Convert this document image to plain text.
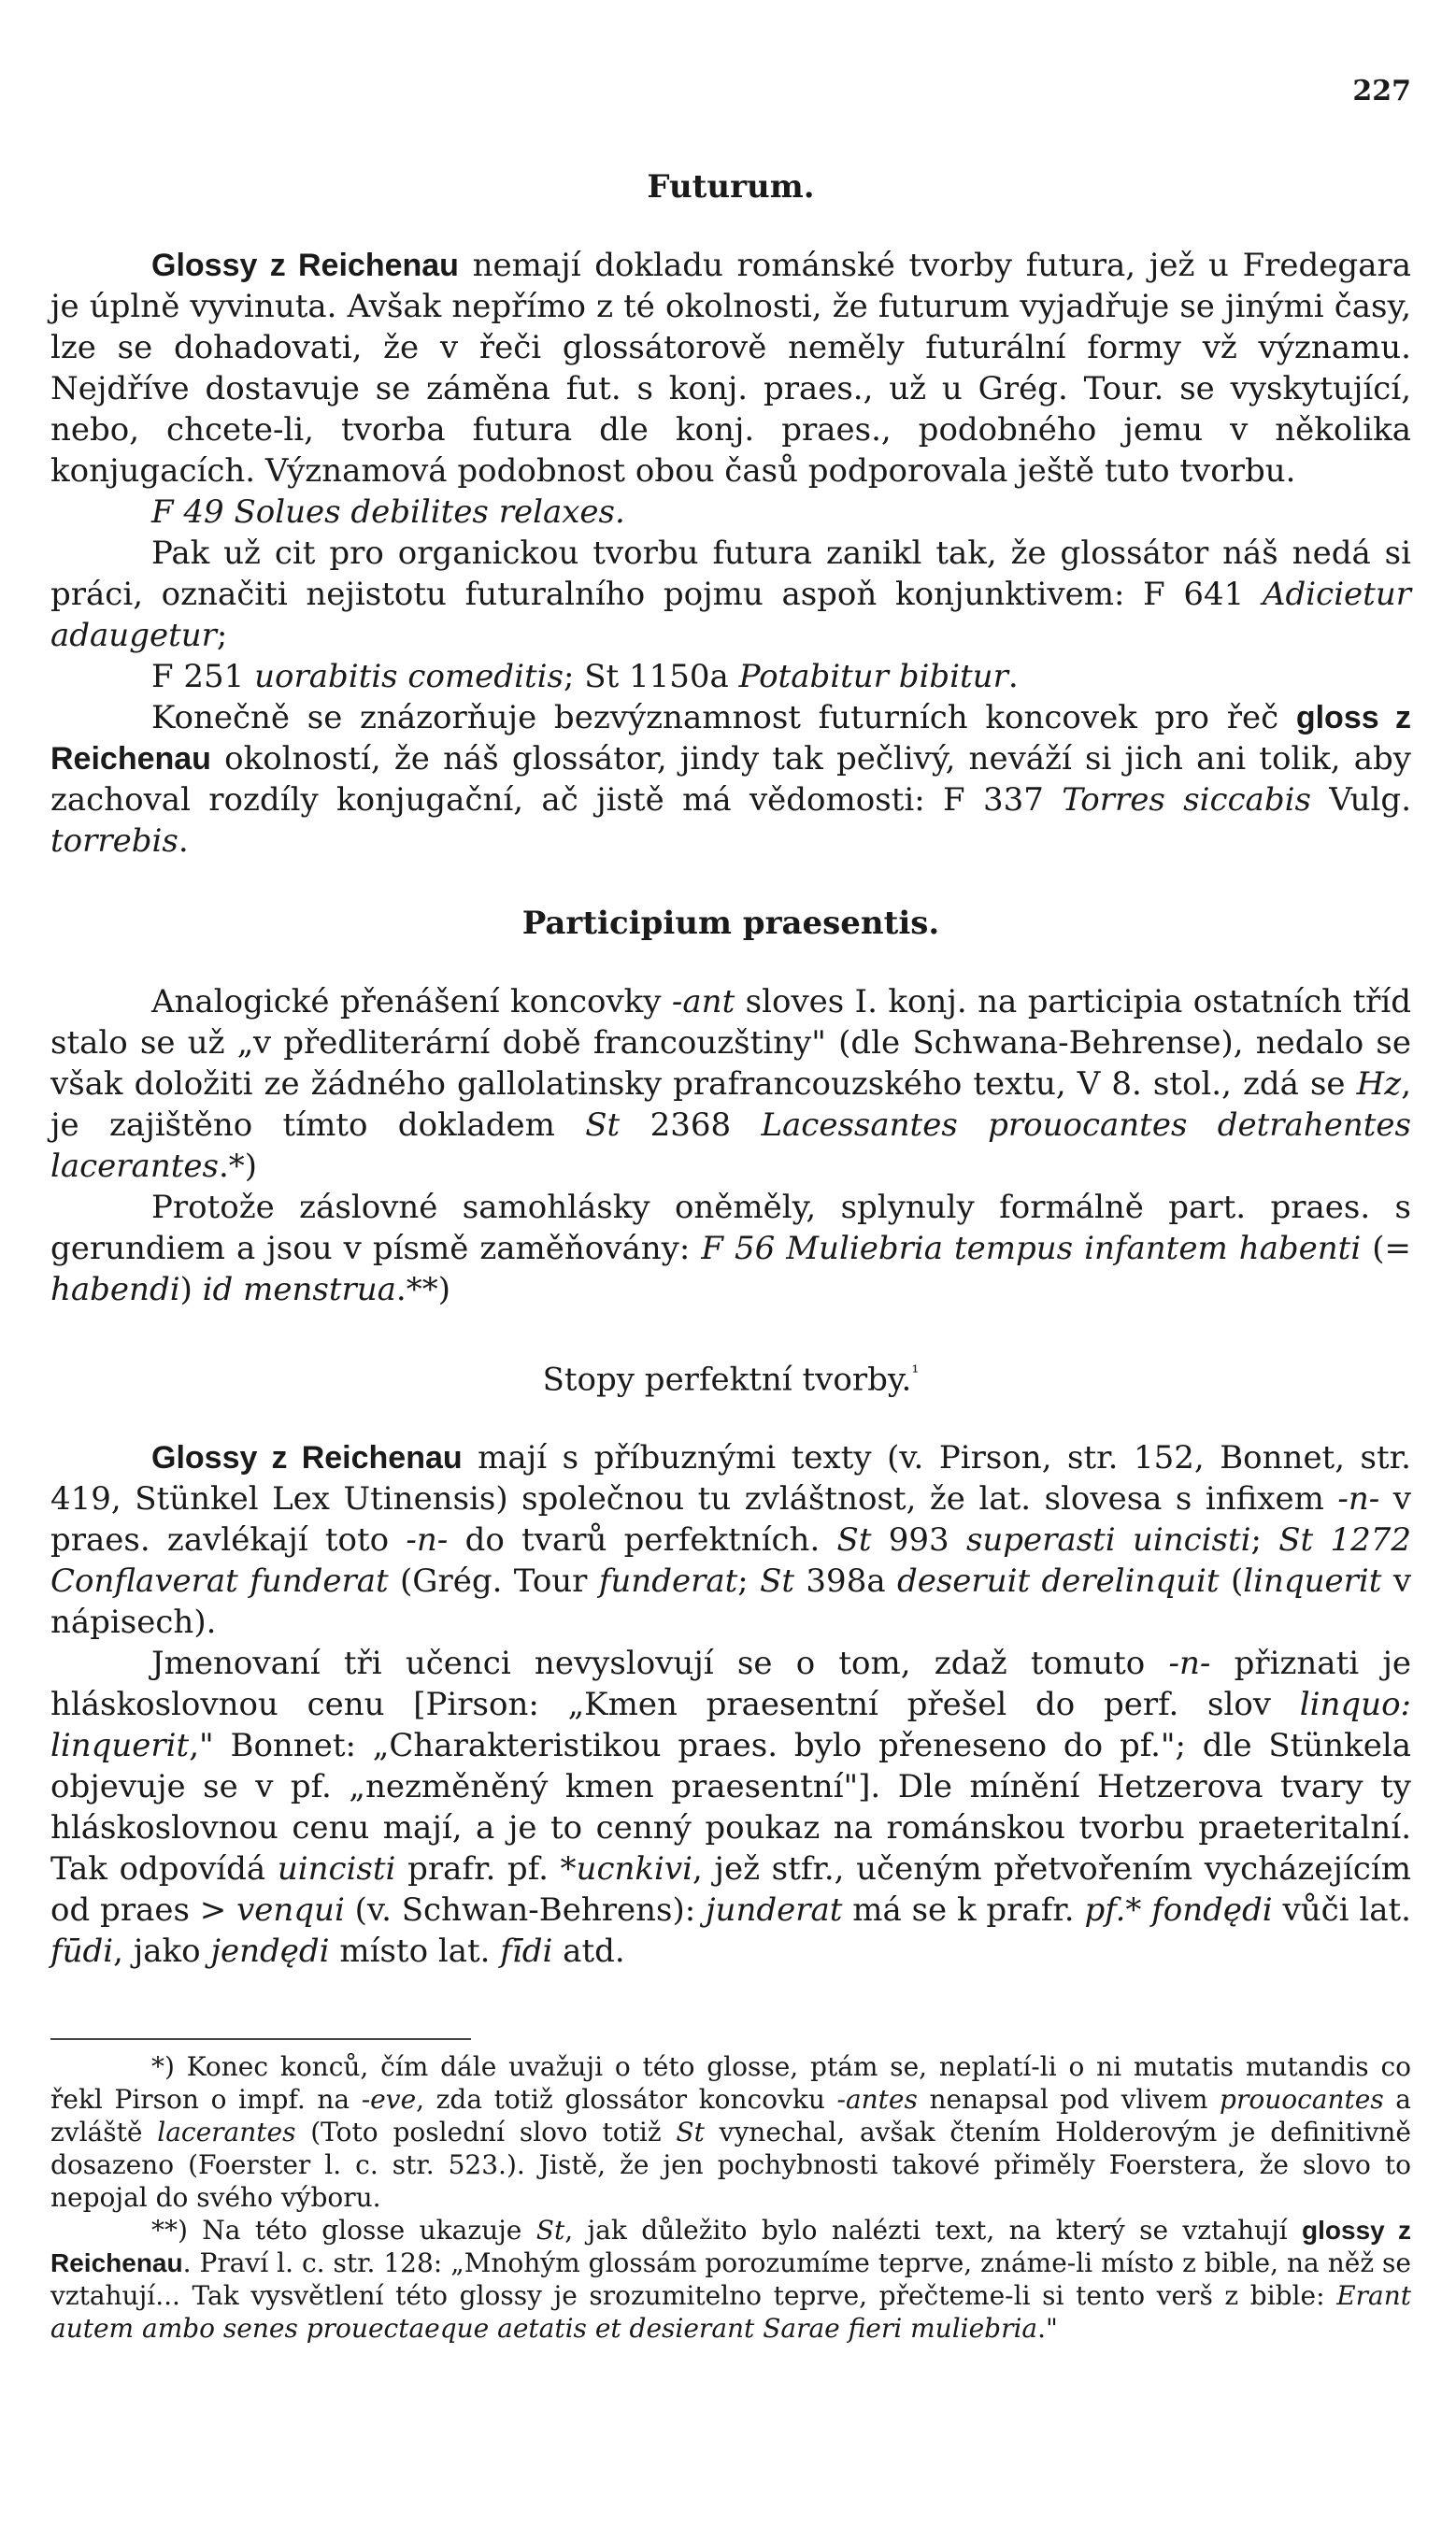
227
Futurum.

Glossy z Reichenau nemají dokladu románské tvorby futura, jež u Fredegara je úplně vyvinuta. Avšak nepřímo z té okolnosti, že futurum vyjadřuje se jinými časy, lze se dohadovati, že v řeči glossátorově neměly futurální formy vž významu. Nejdříve dostavuje se záměna fut. s konj. praes., už u Grég. Tour. se vyskytující, nebo, chcete-li, tvorba futura dle konj. praes., podobného jemu v několika konjugacích. Významová podobnost obou časů podporovala ještě tuto tvorbu.

F 49 Solues debilites relaxes.

Pak už cit pro organickou tvorbu futura zanikl tak, že glossátor náš nedá si práci, označiti nejistotu futuralního pojmu aspoň konjunktivem: F 641 Adicietur adaugetur;

F 251 uorabitis comeditis; St 1150a Potabitur bibitur.

Konečně se znázorňuje bezvýznamnost futurních koncovek pro řeč gloss z Reichenau okolností, že náš glossátor, jindy tak pečlivý, neváží si jich ani tolik, aby zachoval rozdíly konjugační, ač jistě má vědomosti: F 337 Torres siccabis Vulg. torrebis.

Participium praesentis.

Analogické přenášení koncovky -ant sloves I. konj. na participia ostatních tříd stalo se už „v předliterární době francouzštiny" (dle Schwana-Behrense), nedalo se však doložiti ze žádného gallolatinsky prafrancouzského textu, V 8. stol., zdá se Hz, je zajištěno tímto dokladem St 2368 Lacessantes prouocantes detrahentes lacerantes.*)

Protože záslovné samohlásky oněměly, splynuly formálně part. praes. s gerundiem a jsou v písmě zaměňovány: F 56 Muliebria tempus infantem habenti (= habendi) id menstrua.**)

Stopy perfektní tvorby.$^{^1}$

Glossy z Reichenau mají s příbuznými texty (v. Pirson, str. 152, Bonnet, str. 419, Stünkel Lex Utinensis) společnou tu zvláštnost, že lat. slovesa s infixem -n- v praes. zavlékají toto -n- do tvarů perfektních. St 993 superasti uincisti; St 1272 Conflaverat funderat (Grég. Tour funderat; St 398a deseruit derelinquit (linquerit v nápisech).

Jmenovaní tři učenci nevyslovují se o tom, zdaž tomuto -n- přiznati je hláskoslovnou cenu [Pirson: „Kmen praesentní přešel do perf. slov linquo: linquerit," Bonnet: „Charakteristikou praes. bylo přeneseno do pf."; dle Stünkela objevuje se v pf. „nezměněný kmen praesentní"]. Dle mínění Hetzerova tvary ty hláskoslovnou cenu mají, a je to cenný poukaz na románskou tvorbu praeteritalní. Tak odpovídá uincisti prafr. pf. *ucnkivi, jež stfr., učeným přetvořením vycházejícím od praes > venqui (v. Schwan-Behrens): junderat má se k prafr. pf.* fondędi vůči lat. fūdi, jako jendędi místo lat. fīdi atd.

*) Konec konců, čím dále uvažuji o této glosse, ptám se, neplatí-li o ni mutatis mutandis co řekl Pirson o impf. na -eve, zda totiž glossátor koncovku -antes nenapsal pod vlivem prouocantes a zvláště lacerantes (Toto poslední slovo totiž St vynechal, avšak čtením Holderovým je definitivně dosazeno (Foerster l. c. str. 523.). Jistě, že jen pochybnosti takové přiměly Foerstera, že slovo to nepojal do svého výboru.

**) Na této glosse ukazuje St, jak důležito bylo nalézti text, na který se vztahují glossy z Reichenau. Praví l. c. str. 128: „Mnohým glossám porozumíme teprve, známe-li místo z bible, na něž se vztahují... Tak vysvětlení této glossy je srozumitelno teprve, přečteme-li si tento verš z bible: Erant autem ambo senes prouectaeque aetatis et desierant Sarae fieri muliebria."
